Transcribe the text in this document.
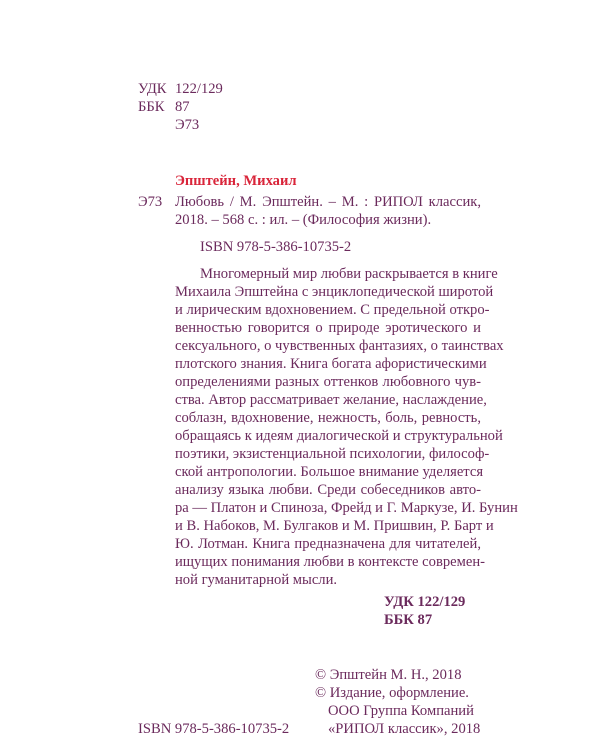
УДК 122/129
ББК 87
Э73
Эпштейн, Михаил
Э73 Любовь / М. Эпштейн. – М. : РИПОЛ классик,
2018. – 568 с. : ил. – (Философия жизни).
ISBN 978-5-386-10735-2
Многомерный мир любви раскрывается в книге
Михаила Эпштейна с энциклопедической широтой
и лирическим вдохновением. С предельной откро-
венностью говорится о природе эротического и
сексуального, о чувственных фантазиях, о таинствах
плотского знания. Книга богата афористическими
определениями разных оттенков любовного чув-
ства. Автор рассматривает желание, наслаждение,
соблазн, вдохновение, нежность, боль, ревность,
обращаясь к идеям диалогической и структуральной
поэтики, экзистенциальной психологии, философ-
ской антропологии. Большое внимание уделяется
анализу языка любви. Среди собеседников авто-
ра — Платон и Спиноза, Фрейд и Г. Маркузе, И. Бунин
и В. Набоков, М. Булгаков и М. Пришвин, Р. Барт и
Ю. Лотман. Книга предназначена для читателей,
ищущих понимания любви в контексте современ-
ной гуманитарной мысли.
УДК 122/129
ББК 87
© Эпштейн М. Н., 2018
© Издание, оформление.
ООО Группа Компаний
«РИПОЛ классик», 2018
ISBN 978-5-386-10735-2
